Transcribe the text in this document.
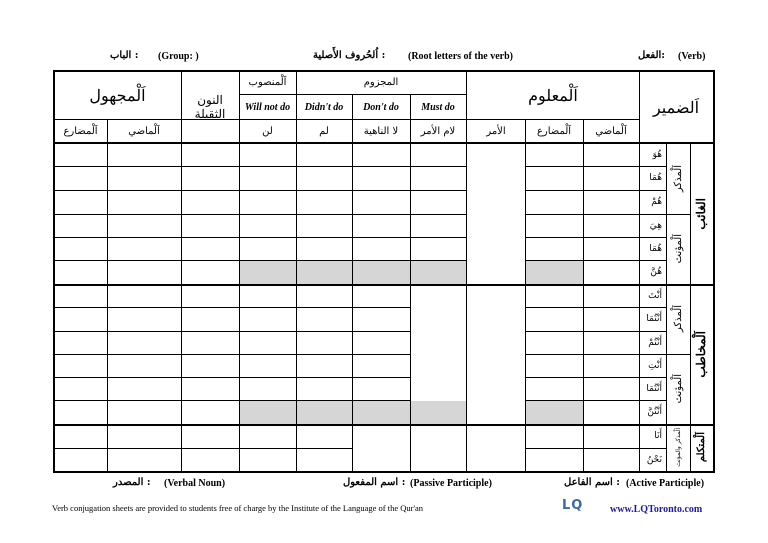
(Verb)
الفعل:
(Root letters of the verb)
اُلحُروف الأَصلية :
(Group: )
الباب :
اَلضمير
اَلْمعلوم
المجزوم
اَلْمنصوب
النون
الثقيلة
اَلْمجهول
Must do
Don't do
Didn't do
Will not do
اَلْماضي
اَلْمضارع
الأمر
لام الأمر
لا الناهية
لم
لن
اَلْماضي
اَلْمضارع
الغائب
اَلْمخاطب
اَلْمتكلم
اَلْمذكر
اَلْمؤنث
اَلْمذكر
اَلْمؤنث
اَلْمذكر والمؤنث
هُوَ
هُمَا
هُمْ
هِيَ
هُمَا
هُنَّ
أَنْتَ
أَنْتُمَا
أَنْتُمْ
أَنْتِ
أَنْتُمَا
أَنْتُنَّ
أَنَا
نَحْنُ
(Active Participle)
اسم الفاعل :
(Passive Participle)
اسم المفعول :
(Verbal Noun)
المصدر :
Verb conjugation sheets are provided to students free of charge by the Institute of the Language of the Qur'an	LQ	www.LQToronto.com
